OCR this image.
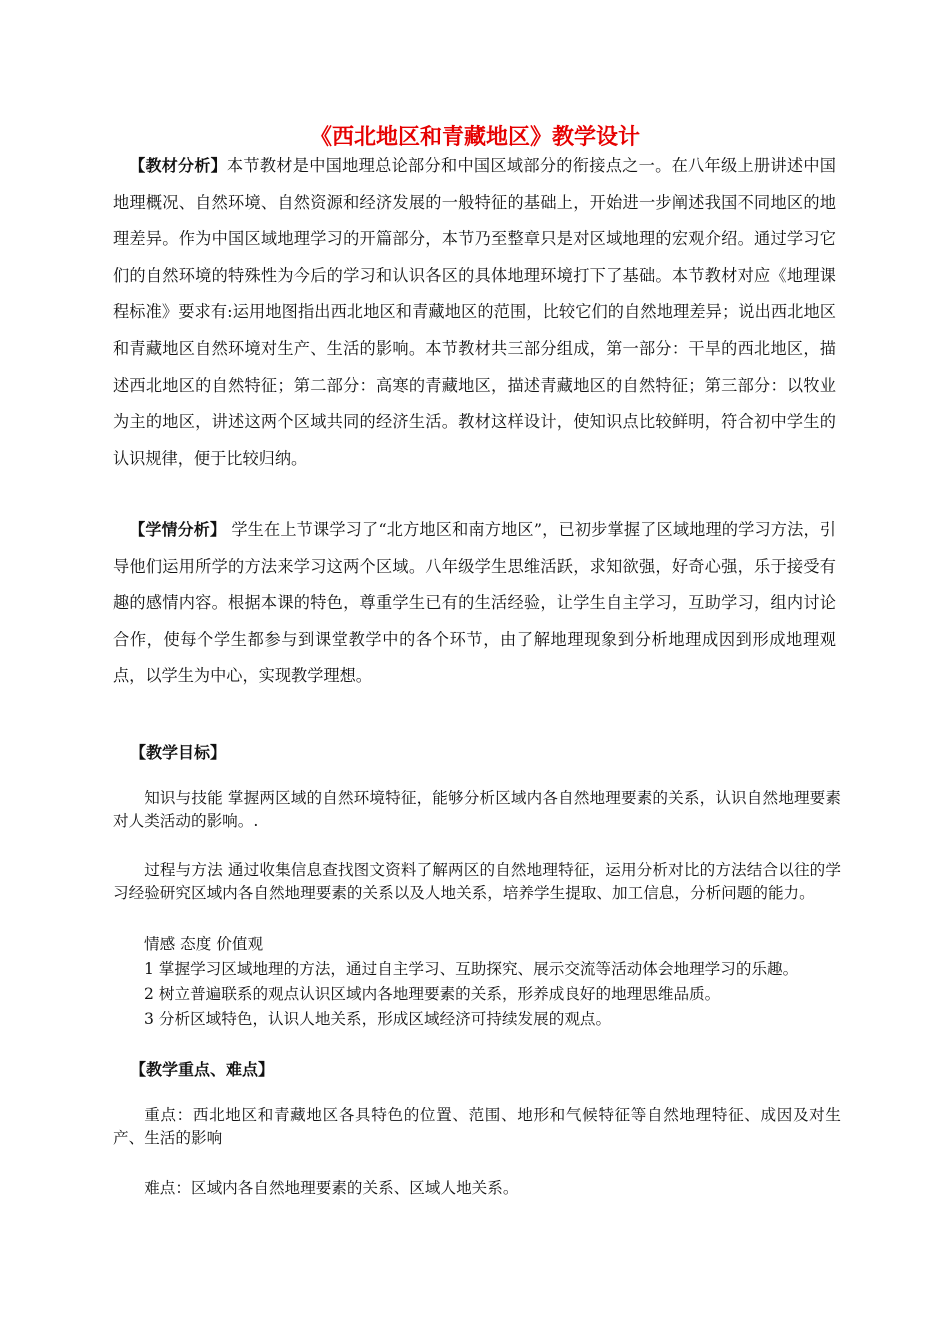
《西北地区和青藏地区》教学设计
【教材分析】本节教材是中国地理总论部分和中国区域部分的衔接点之一。在八年级上册讲述中国地理概况、自然环境、自然资源和经济发展的一般特征的基础上，开始进一步阐述我国不同地区的地理差异。作为中国区域地理学习的开篇部分，本节乃至整章只是对区域地理的宏观介绍。通过学习它们的自然环境的特殊性为今后的学习和认识各区的具体地理环境打下了基础。本节教材对应《地理课程标准》要求有:运用地图指出西北地区和青藏地区的范围，比较它们的自然地理差异；说出西北地区和青藏地区自然环境对生产、生活的影响。本节教材共三部分组成，第一部分：干旱的西北地区，描述西北地区的自然特征；第二部分：高寒的青藏地区，描述青藏地区的自然特征；第三部分：以牧业为主的地区，讲述这两个区域共同的经济生活。教材这样设计，使知识点比较鲜明，符合初中学生的认识规律，便于比较归纳。
【学情分析】 学生在上节课学习了“北方地区和南方地区”，已初步掌握了区域地理的学习方法，引导他们运用所学的方法来学习这两个区域。八年级学生思维活跃，求知欲强，好奇心强，乐于接受有趣的感情内容。根据本课的特色，尊重学生已有的生活经验，让学生自主学习，互助学习，组内讨论合作，使每个学生都参与到课堂教学中的各个环节，由了解地理现象到分析地理成因到形成地理观点，以学生为中心，实现教学理想。
【教学目标】
知识与技能 掌握两区域的自然环境特征，能够分析区域内各自然地理要素的关系，认识自然地理要素对人类活动的影响。.
过程与方法 通过收集信息查找图文资料了解两区的自然地理特征，运用分析对比的方法结合以往的学习经验研究区域内各自然地理要素的关系以及人地关系，培养学生提取、加工信息，分析问题的能力。
情感 态度 价值观
1 掌握学习区域地理的方法，通过自主学习、互助探究、展示交流等活动体会地理学习的乐趣。
2 树立普遍联系的观点认识区域内各地理要素的关系，形养成良好的地理思维品质。
3 分析区域特色，认识人地关系，形成区域经济可持续发展的观点。
【教学重点、难点】
重点：西北地区和青藏地区各具特色的位置、范围、地形和气候特征等自然地理特征、成因及对生产、生活的影响
难点：区域内各自然地理要素的关系、区域人地关系。
